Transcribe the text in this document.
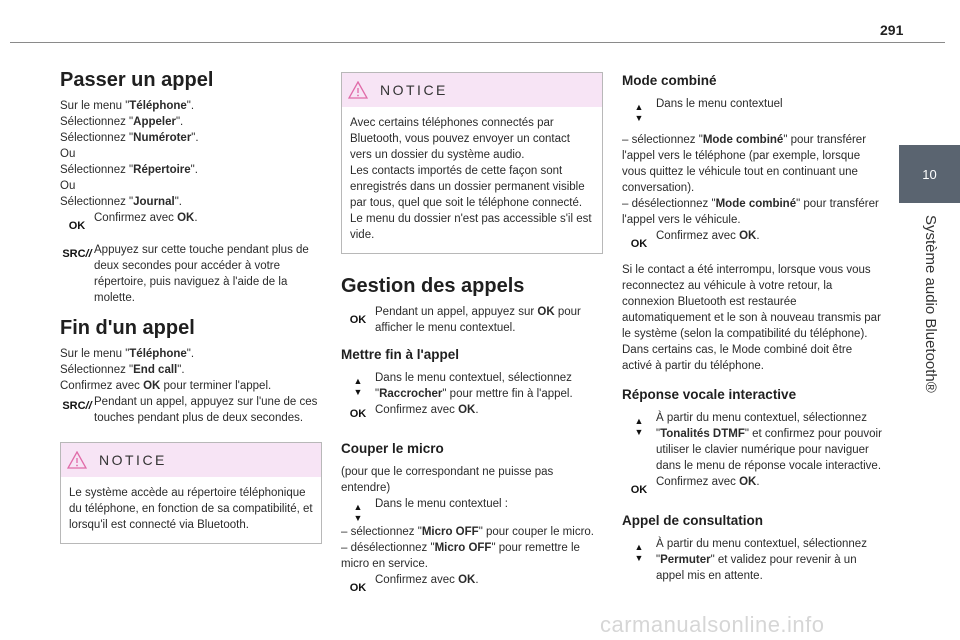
291
10
Système audio Bluetooth®
Passer un appel

Sur le menu "Téléphone".

Sélectionnez "Appeler".

Sélectionnez "Numéroter".

Ou

Sélectionnez "Répertoire".

Ou

Sélectionnez "Journal".

OK

Confirmez avec OK.

SRC // Appuyez sur cette touche pendant plus de deux secondes pour accéder à votre répertoire, puis naviguez à l'aide de la molette.

Fin d'un appel

Sur le menu "Téléphone".

Sélectionnez "End call".

Confirmez avec OK pour terminer l'appel.

SRC // Pendant un appel, appuyez sur l'une de ces touches pendant plus de deux secondes.

NOTICE
Le système accède au répertoire téléphonique du téléphone, en fonction de sa compatibilité, et lorsqu'il est connecté via Bluetooth.
NOTICE
Avec certains téléphones connectés par Bluetooth, vous pouvez envoyer un contact vers un dossier du système audio.
Les contacts importés de cette façon sont enregistrés dans un dossier permanent visible par tous, quel que soit le téléphone connecté.
Le menu du dossier n'est pas accessible s'il est vide.
Gestion des appels
OK

Pendant un appel, appuyez sur OK pour afficher le menu contextuel.

Mettre fin à l'appel
▲
▼

Dans le menu contextuel, sélectionnez "Raccrocher" pour mettre fin à l'appel.

OK Confirmez avec OK.

Couper le micro

(pour que le correspondant ne puisse pas entendre)

▲
▼

Dans le menu contextuel :

– sélectionnez "Micro OFF" pour couper le micro.

– désélectionnez "Micro OFF" pour remettre le micro en service.

OK

Confirmez avec OK.

Mode combiné
▲
▼

Dans le menu contextuel

– sélectionnez "Mode combiné" pour transférer l'appel vers le téléphone (par exemple, lorsque vous quittez le véhicule tout en continuant une conversation).

– désélectionnez "Mode combiné" pour transférer l'appel vers le véhicule.

OK

Confirmez avec OK.

Si le contact a été interrompu, lorsque vous vous reconnectez au véhicule à votre retour, la connexion Bluetooth est restaurée automatiquement et le son à nouveau transmis par le système (selon la compatibilité du téléphone).

Dans certains cas, le Mode combiné doit être activé à partir du téléphone.

Réponse vocale interactive
▲
▼

À partir du menu contextuel, sélectionnez "Tonalités DTMF" et confirmez pour pouvoir utiliser le clavier numérique pour naviguer dans le menu de réponse vocale interactive.

OK

Confirmez avec OK.

Appel de consultation
▲
▼

À partir du menu contextuel, sélectionnez "Permuter" et validez pour revenir à un appel mis en attente.

carmanualsonline.info
